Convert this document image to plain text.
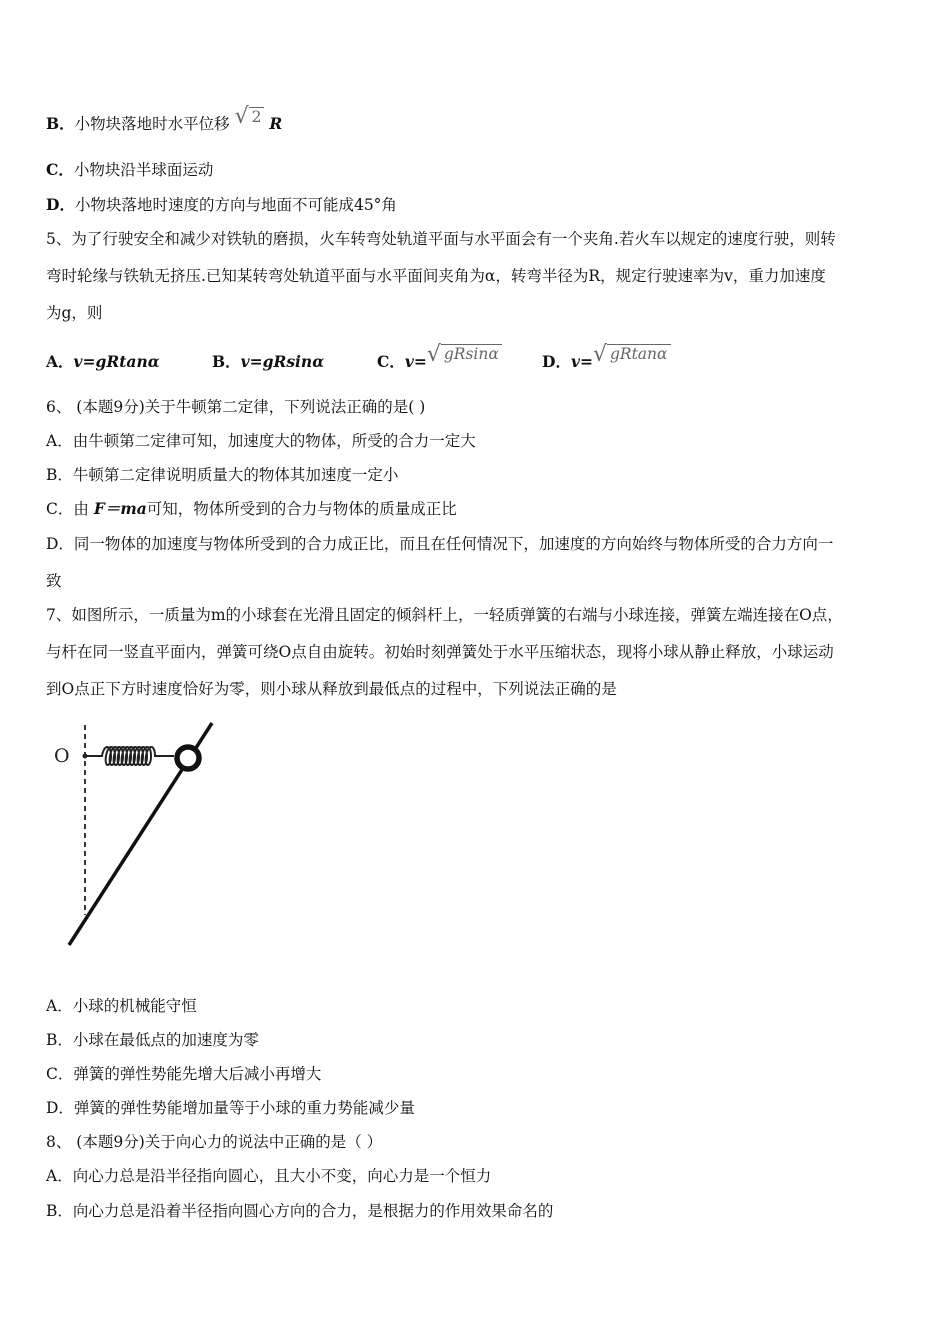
B．小物块落地时水平位移 √ 2 R
C．小物块沿半球面运动
D．小物块落地时速度的方向与地面不可能成45°角
5、为了行驶安全和减少对铁轨的磨损，火车转弯处轨道平面与水平面会有一个夹角.若火车以规定的速度行驶，则转
弯时轮缘与铁轨无挤压.已知某转弯处轨道平面与水平面间夹角为α，转弯半径为R，规定行驶速率为v，重力加速度
为g，则
A．v=gRtanα	B．v=gRsinα	C．v=√ gRsinα	D．v=√ gRtanα
6、 (本题9分)关于牛顿第二定律，下列说法正确的是( )
A．由牛顿第二定律可知，加速度大的物体，所受的合力一定大
B．牛顿第二定律说明质量大的物体其加速度一定小
C．由 F＝ma可知，物体所受到的合力与物体的质量成正比
D．同一物体的加速度与物体所受到的合力成正比，而且在任何情况下，加速度的方向始终与物体所受的合力方向一
致
7、如图所示，一质量为m的小球套在光滑且固定的倾斜杆上，一轻质弹簧的右端与小球连接，弹簧左端连接在O点，
与杆在同一竖直平面内，弹簧可绕O点自由旋转。初始时刻弹簧处于水平压缩状态，现将小球从静止释放，小球运动
到O点正下方时速度恰好为零，则小球从释放到最低点的过程中，下列说法正确的是
O
A．小球的机械能守恒
B．小球在最低点的加速度为零
C．弹簧的弹性势能先增大后减小再增大
D．弹簧的弹性势能增加量等于小球的重力势能减少量
8、 (本题9分)关于向心力的说法中正确的是（ ）
A．向心力总是沿半径指向圆心，且大小不变，向心力是一个恒力
B．向心力总是沿着半径指向圆心方向的合力，是根据力的作用效果命名的
